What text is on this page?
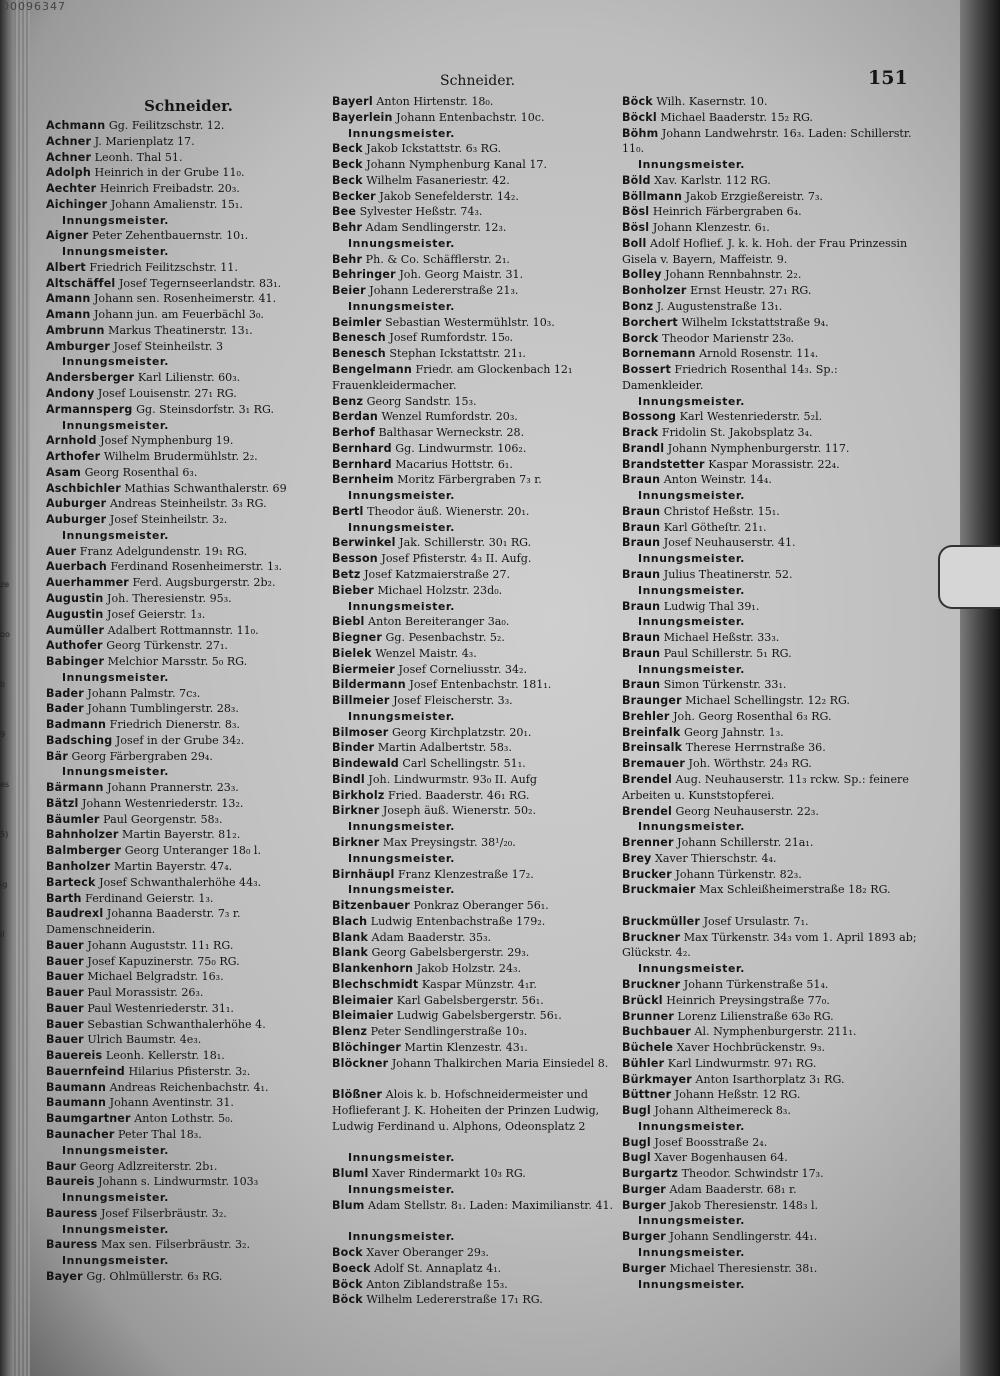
00096347
ze
bo
b
9
es
5)
ig
il
Schneider.	151
Schneider.
Achmann Gg. Feilitzschstr. 12.
Achner J. Marienplatz 17.
Achner Leonh. Thal 51.
Adolph Heinrich in der Grube 11₀.
Aechter Heinrich Freibadstr. 20₃.
Aichinger Johann Amalienstr. 15₁.
Innungsmeister.
Aigner Peter Zehentbauernstr. 10₁.
Innungsmeister.
Albert Friedrich Feilitzschstr. 11.
Altschäffel Josef Tegernseerlandstr. 83₁.
Amann Johann sen. Rosenheimerstr. 41.
Amann Johann jun. am Feuerbächl 3₀.
Ambrunn Markus Theatinerstr. 13₁.
Amburger Josef Steinheilstr. 3
Innungsmeister.
Andersberger Karl Lilienstr. 60₃.
Andony Josef Louisenstr. 27₁ RG.
Armannsperg Gg. Steinsdorfstr. 3₁ RG.
Innungsmeister.
Arnhold Josef Nymphenburg 19.
Arthofer Wilhelm Brudermühlstr. 2₂.
Asam Georg Rosenthal 6₃.
Aschbichler Mathias Schwanthalerstr. 69
Auburger Andreas Steinheilstr. 3₃ RG.
Auburger Josef Steinheilstr. 3₂.
Innungsmeister.
Auer Franz Adelgundenstr. 19₁ RG.
Auerbach Ferdinand Rosenheimerstr. 1₃.
Auerhammer Ferd. Augsburgerstr. 2b₂.
Augustin Joh. Theresienstr. 95₃.
Augustin Josef Geierstr. 1₃.
Aumüller Adalbert Rottmannstr. 11₀.
Authofer Georg Türkenstr. 27₁.
Babinger Melchior Marsstr. 5₀ RG.
Innungsmeister.
Bader Johann Palmstr. 7c₃.
Bader Johann Tumblingerstr. 28₃.
Badmann Friedrich Dienerstr. 8₃.
Badsching Josef in der Grube 34₂.
Bär Georg Färbergraben 29₄.
Innungsmeister.
Bärmann Johann Prannerstr. 23₃.
Bätzl Johann Westenriederstr. 13₂.
Bäumler Paul Georgenstr. 58₃.
Bahnholzer Martin Bayerstr. 81₂.
Balmberger Georg Unteranger 18₀ l.
Banholzer Martin Bayerstr. 47₄.
Barteck Josef Schwanthalerhöhe 44₃.
Barth Ferdinand Geierstr. 1₃.
Baudrexl Johanna Baaderstr. 7₃ r. Damenschneiderin.
Bauer Johann Auguststr. 11₁ RG.
Bauer Josef Kapuzinerstr. 75₀ RG.
Bauer Michael Belgradstr. 16₃.
Bauer Paul Morassistr. 26₃.
Bauer Paul Westenriederstr. 31₁.
Bauer Sebastian Schwanthalerhöhe 4.
Bauer Ulrich Baumstr. 4e₃.
Bauereis Leonh. Kellerstr. 18₁.
Bauernfeind Hilarius Pfisterstr. 3₂.
Baumann Andreas Reichenbachstr. 4₁.
Baumann Johann Aventinstr. 31.
Baumgartner Anton Lothstr. 5₀.
Baunacher Peter Thal 18₃.
Innungsmeister.
Baur Georg Adlzreiterstr. 2b₁.
Baureis Johann s. Lindwurmstr. 103₃
Innungsmeister.
Bauress Josef Filserbräustr. 3₂.
Innungsmeister.
Bauress Max sen. Filserbräustr. 3₂.
Innungsmeister.
Bayer Gg. Ohlmüllerstr. 6₃ RG.
Bayerl Anton Hirtenstr. 18₀.
Bayerlein Johann Entenbachstr. 10c.
Innungsmeister.
Beck Jakob Ickstattstr. 6₃ RG.
Beck Johann Nymphenburg Kanal 17.
Beck Wilhelm Fasaneriestr. 42.
Becker Jakob Senefelderstr. 14₂.
Bee Sylvester Heßstr. 74₃.
Behr Adam Sendlingerstr. 12₃.
Innungsmeister.
Behr Ph. & Co. Schäfflerstr. 2₁.
Behringer Joh. Georg Maistr. 31.
Beier Johann Ledererstraße 21₃.
Innungsmeister.
Beimler Sebastian Westermühlstr. 10₃.
Benesch Josef Rumfordstr. 15₀.
Benesch Stephan Ickstattstr. 21₁.
Bengelmann Friedr. am Glockenbach 12₁ Frauenkleidermacher.
Benz Georg Sandstr. 15₃.
Berdan Wenzel Rumfordstr. 20₃.
Berhof Balthasar Werneckstr. 28.
Bernhard Gg. Lindwurmstr. 106₂.
Bernhard Macarius Hottstr. 6₁.
Bernheim Moritz Färbergraben 7₃ r.
Innungsmeister.
Bertl Theodor äuß. Wienerstr. 20₁.
Innungsmeister.
Berwinkel Jak. Schillerstr. 30₁ RG.
Besson Josef Pfisterstr. 4₃ II. Aufg.
Betz Josef Katzmaierstraße 27.
Bieber Michael Holzstr. 23d₀.
Innungsmeister.
Biebl Anton Bereiteranger 3a₀.
Biegner Gg. Pesenbachstr. 5₂.
Bielek Wenzel Maistr. 4₃.
Biermeier Josef Corneliusstr. 34₂.
Bildermann Josef Entenbachstr. 181₁.
Billmeier Josef Fleischerstr. 3₃.
Innungsmeister.
Bilmoser Georg Kirchplatzstr. 20₁.
Binder Martin Adalbertstr. 58₃.
Bindewald Carl Schellingstr. 51₁.
Bindl Joh. Lindwurmstr. 93₀ II. Aufg
Birkholz Fried. Baaderstr. 46₁ RG.
Birkner Joseph äuß. Wienerstr. 50₂.
Innungsmeister.
Birkner Max Preysingstr. 38¹/₂₀.
Innungsmeister.
Birnhäupl Franz Klenzestraße 17₂.
Innungsmeister.
Bitzenbauer Ponkraz Oberanger 56₁.
Blach Ludwig Entenbachstraße 179₂.
Blank Adam Baaderstr. 35₃.
Blank Georg Gabelsbergerstr. 29₃.
Blankenhorn Jakob Holzstr. 24₃.
Blechschmidt Kaspar Münzstr. 4₁r.
Bleimaier Karl Gabelsbergerstr. 56₁.
Bleimaier Ludwig Gabelsbergerstr. 56₁.
Blenz Peter Sendlingerstraße 10₃.
Blöchinger Martin Klenzestr. 43₁.
Blöckner Johann Thalkirchen Maria Einsiedel 8.
Blößner Alois k. b. Hofschneidermeister und Hoflieferant J. K. Hoheiten der Prinzen Ludwig, Ludwig Ferdinand u. Alphons, Odeonsplatz 2
Innungsmeister.
Bluml Xaver Rindermarkt 10₃ RG.
Innungsmeister.
Blum Adam Stellstr. 8₁. Laden: Maximilianstr. 41.
Innungsmeister.
Bock Xaver Oberanger 29₃.
Boeck Adolf St. Annaplatz 4₁.
Böck Anton Ziblandstraße 15₃.
Böck Wilhelm Ledererstraße 17₁ RG.
Böck Wilh. Kasernstr. 10.
Böckl Michael Baaderstr. 15₂ RG.
Böhm Johann Landwehrstr. 16₃. Laden: Schillerstr. 11₀.
Innungsmeister.
Böld Xav. Karlstr. 112 RG.
Böllmann Jakob Erzgießereistr. 7₃.
Bösl Heinrich Färbergraben 6₄.
Bösl Johann Klenzestr. 6₁.
Boll Adolf Hoflief. J. k. k. Hoh. der Frau Prinzessin Gisela v. Bayern, Maffeistr. 9.
Bolley Johann Rennbahnstr. 2₂.
Bonholzer Ernst Heustr. 27₁ RG.
Bonz J. Augustenstraße 13₁.
Borchert Wilhelm Ickstattstraße 9₄.
Borck Theodor Marienstr 23₀.
Bornemann Arnold Rosenstr. 11₄.
Bossert Friedrich Rosenthal 14₃. Sp.: Damenkleider.
Innungsmeister.
Bossong Karl Westenriederstr. 5₂l.
Brack Fridolin St. Jakobsplatz 3₄.
Brandl Johann Nymphenburgerstr. 117.
Brandstetter Kaspar Morassistr. 22₄.
Braun Anton Weinstr. 14₄.
Innungsmeister.
Braun Christof Heßstr. 15₁.
Braun Karl Götheſtr. 21₁.
Braun Josef Neuhauserstr. 41.
Innungsmeister.
Braun Julius Theatinerstr. 52.
Innungsmeister.
Braun Ludwig Thal 39₁.
Innungsmeister.
Braun Michael Heßstr. 33₃.
Braun Paul Schillerstr. 5₁ RG.
Innungsmeister.
Braun Simon Türkenstr. 33₁.
Braunger Michael Schellingstr. 12₂ RG.
Brehler Joh. Georg Rosenthal 6₃ RG.
Breinfalk Georg Jahnstr. 1₃.
Breinsalk Therese Herrnstraße 36.
Bremauer Joh. Wörthstr. 24₃ RG.
Brendel Aug. Neuhauserstr. 11₃ rckw. Sp.: feinere Arbeiten u. Kunststopferei.
Brendel Georg Neuhauserstr. 22₃.
Innungsmeister.
Brenner Johann Schillerstr. 21a₁.
Brey Xaver Thierschstr. 4₄.
Brucker Johann Türkenstr. 82₃.
Bruckmaier Max Schleißheimerstraße 18₂ RG.
Bruckmüller Josef Ursulastr. 7₁.
Bruckner Max Türkenstr. 34₃ vom 1. April 1893 ab; Glückstr. 4₂.
Innungsmeister.
Bruckner Johann Türkenstraße 51₄.
Brückl Heinrich Preysingstraße 77₀.
Brunner Lorenz Lilienstraße 63₀ RG.
Buchbauer Al. Nymphenburgerstr. 211₁.
Büchele Xaver Hochbrückenstr. 9₃.
Bühler Karl Lindwurmstr. 97₁ RG.
Bürkmayer Anton Isarthorplatz 3₁ RG.
Büttner Johann Heßstr. 12 RG.
Bugl Johann Altheimereck 8₃.
Innungsmeister.
Bugl Josef Boosstraße 2₄.
Bugl Xaver Bogenhausen 64.
Burgartz Theodor. Schwindstr 17₃.
Burger Adam Baaderstr. 68₁ r.
Burger Jakob Theresienstr. 148₃ l.
Innungsmeister.
Burger Johann Sendlingerstr. 44₁.
Innungsmeister.
Burger Michael Theresienstr. 38₁.
Innungsmeister.
